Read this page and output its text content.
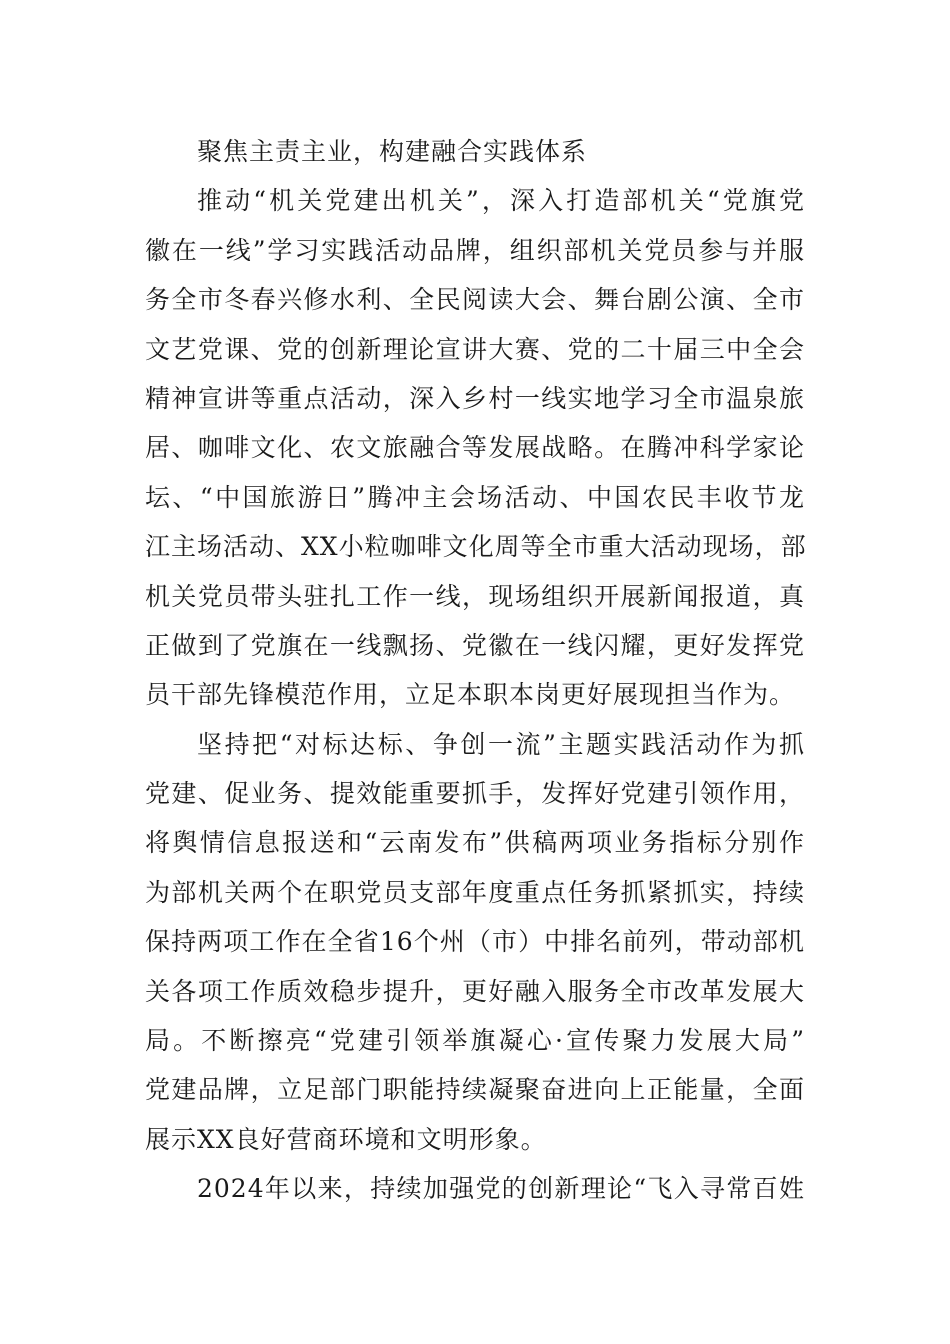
聚焦主责主业，构建融合实践体系
推动“机关党建出机关”，深入打造部机关“党旗党
徽在一线”学习实践活动品牌，组织部机关党员参与并服
务全市冬春兴修水利、全民阅读大会、舞台剧公演、全市
文艺党课、党的创新理论宣讲大赛、党的二十届三中全会
精神宣讲等重点活动，深入乡村一线实地学习全市温泉旅
居、咖啡文化、农文旅融合等发展战略。在腾冲科学家论
坛、“中国旅游日”腾冲主会场活动、中国农民丰收节龙
江主场活动、XX小粒咖啡文化周等全市重大活动现场，部
机关党员带头驻扎工作一线，现场组织开展新闻报道，真
正做到了党旗在一线飘扬、党徽在一线闪耀，更好发挥党
员干部先锋模范作用，立足本职本岗更好展现担当作为。
坚持把“对标达标、争创一流”主题实践活动作为抓
党建、促业务、提效能重要抓手，发挥好党建引领作用，
将舆情信息报送和“云南发布”供稿两项业务指标分别作
为部机关两个在职党员支部年度重点任务抓紧抓实，持续
保持两项工作在全省16个州（市）中排名前列，带动部机
关各项工作质效稳步提升，更好融入服务全市改革发展大
局。不断擦亮“党建引领举旗凝心·宣传聚力发展大局”
党建品牌，立足部门职能持续凝聚奋进向上正能量，全面
展示XX良好营商环境和文明形象。
2024年以来，持续加强党的创新理论“飞入寻常百姓
